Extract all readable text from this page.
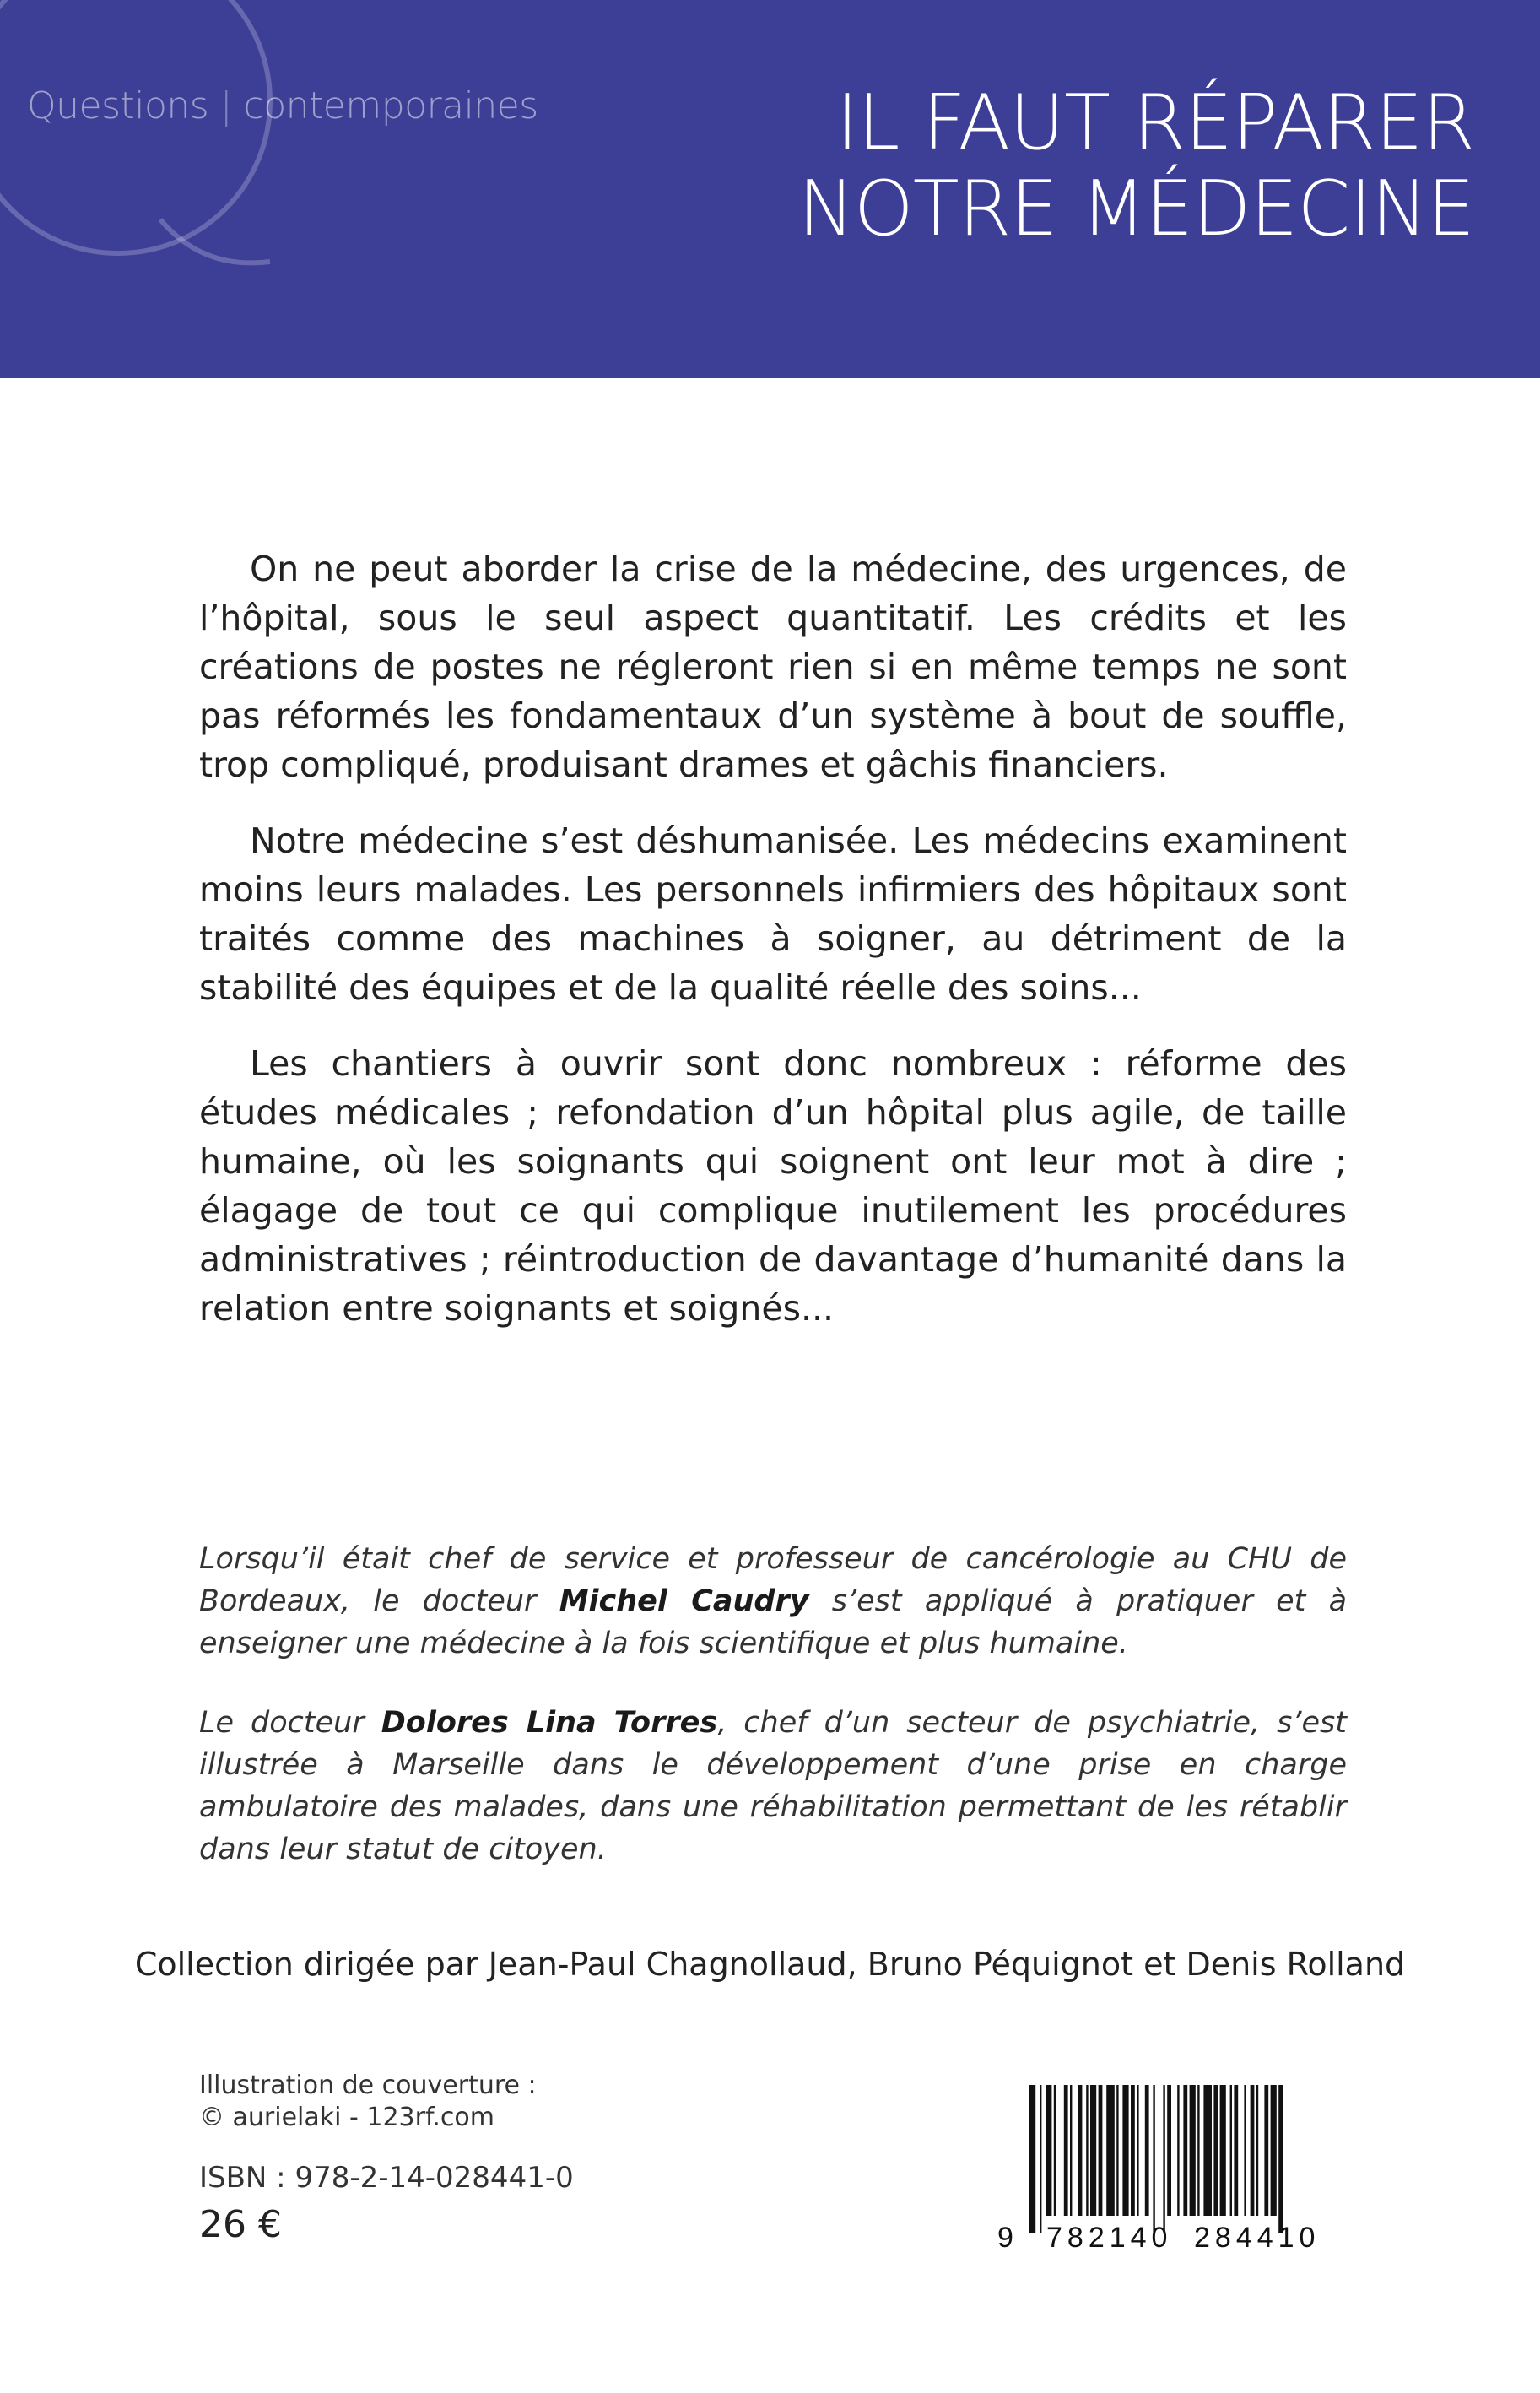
Questions | contemporaines	IL FAUT RÉPARER
NOTRE MÉDECINE

On ne peut aborder la crise de la médecine, des urgences, de l’hôpital, sous le seul aspect quantitatif. Les crédits et les créations de postes ne régleront rien si en même temps ne sont pas réformés les fondamentaux d’un système à bout de souffle, trop compliqué, produisant drames et gâchis financiers.

Notre médecine s’est déshumanisée. Les médecins examinent moins leurs malades. Les personnels infirmiers des hôpitaux sont traités comme des machines à soigner, au détriment de la stabilité des équipes et de la qualité réelle des soins...

Les chantiers à ouvrir sont donc nombreux : réforme des études médicales ; refondation d’un hôpital plus agile, de taille humaine, où les soignants qui soignent ont leur mot à dire ; élagage de tout ce qui complique inutilement les procédures administratives ; réintroduction de davantage d’humanité dans la relation entre soignants et soignés...

Lorsqu’il était chef de service et professeur de cancérologie au CHU de Bordeaux, le docteur Michel Caudry s’est appliqué à pratiquer et à enseigner une médecine à la fois scientifique et plus humaine.

Le docteur Dolores Lina Torres, chef d’un secteur de psychiatrie, s’est illustrée à Marseille dans le développement d’une prise en charge ambulatoire des malades, dans une réhabilitation permettant de les rétablir dans leur statut de citoyen.

Collection dirigée par Jean-Paul Chagnollaud, Bruno Péquignot et Denis Rolland
Illustration de couverture :
© aurielaki - 123rf.com
ISBN : 978-2-14-028441-0
26 €	9 782140 284410
